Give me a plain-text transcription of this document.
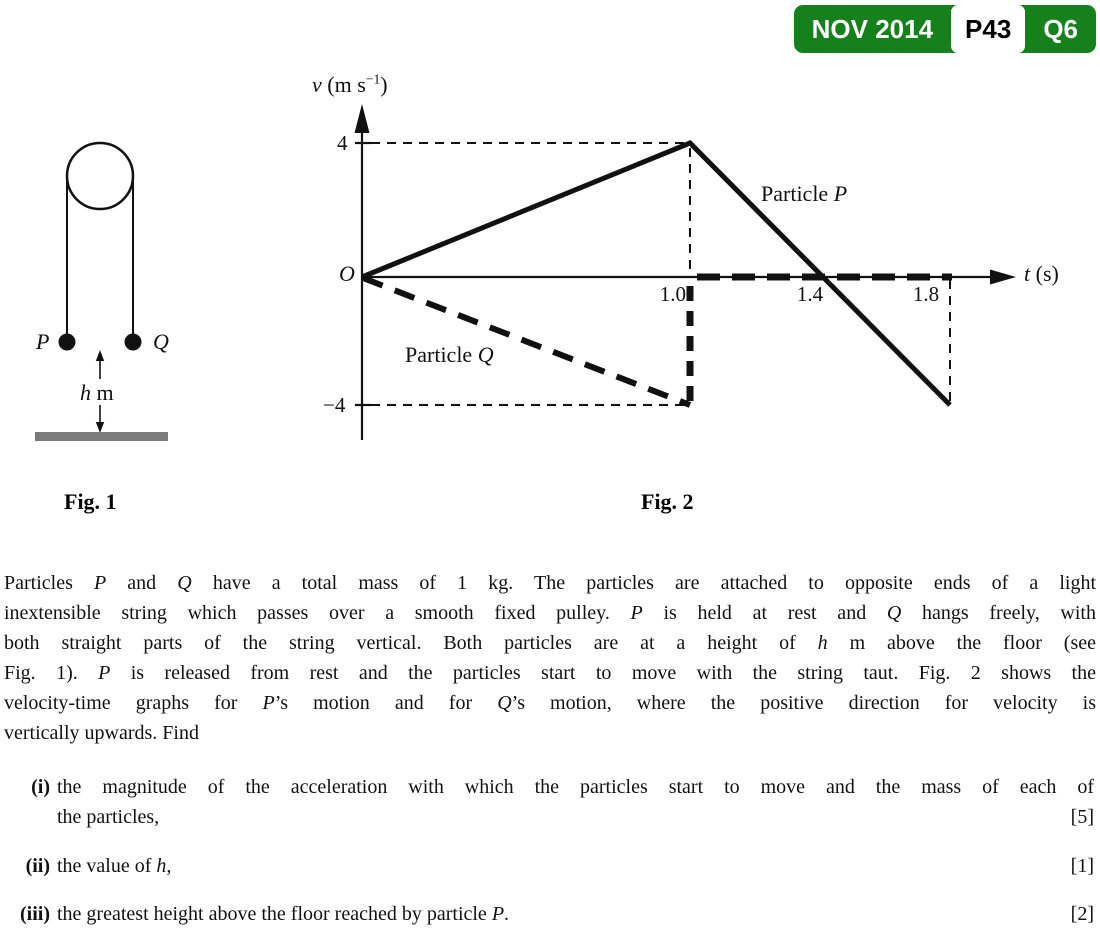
NOV 2014	P43	Q6
P	Q
h m
v (m $s^{-1}$)
4
−4
O
1.0	1.4	1.8
t (s)
Particle P
Particle Q
Fig. 1	Fig. 2
Particles P and Q have a total mass of 1 kg. The particles are attached to opposite ends of a light
inextensible string which passes over a smooth fixed pulley. P is held at rest and Q hangs freely, with
both straight parts of the string vertical. Both particles are at a height of h m above the floor (see
Fig. 1). P is released from rest and the particles start to move with the string taut. Fig. 2 shows the
velocity-time graphs for P’s motion and for Q’s motion, where the positive direction for velocity is
vertically upwards. Find
(i) the magnitude of the acceleration with which the particles start to move and the mass of each of
the particles,	[5]
(ii) the value of h,	[1]
(iii) the greatest height above the floor reached by particle P.	[2]
